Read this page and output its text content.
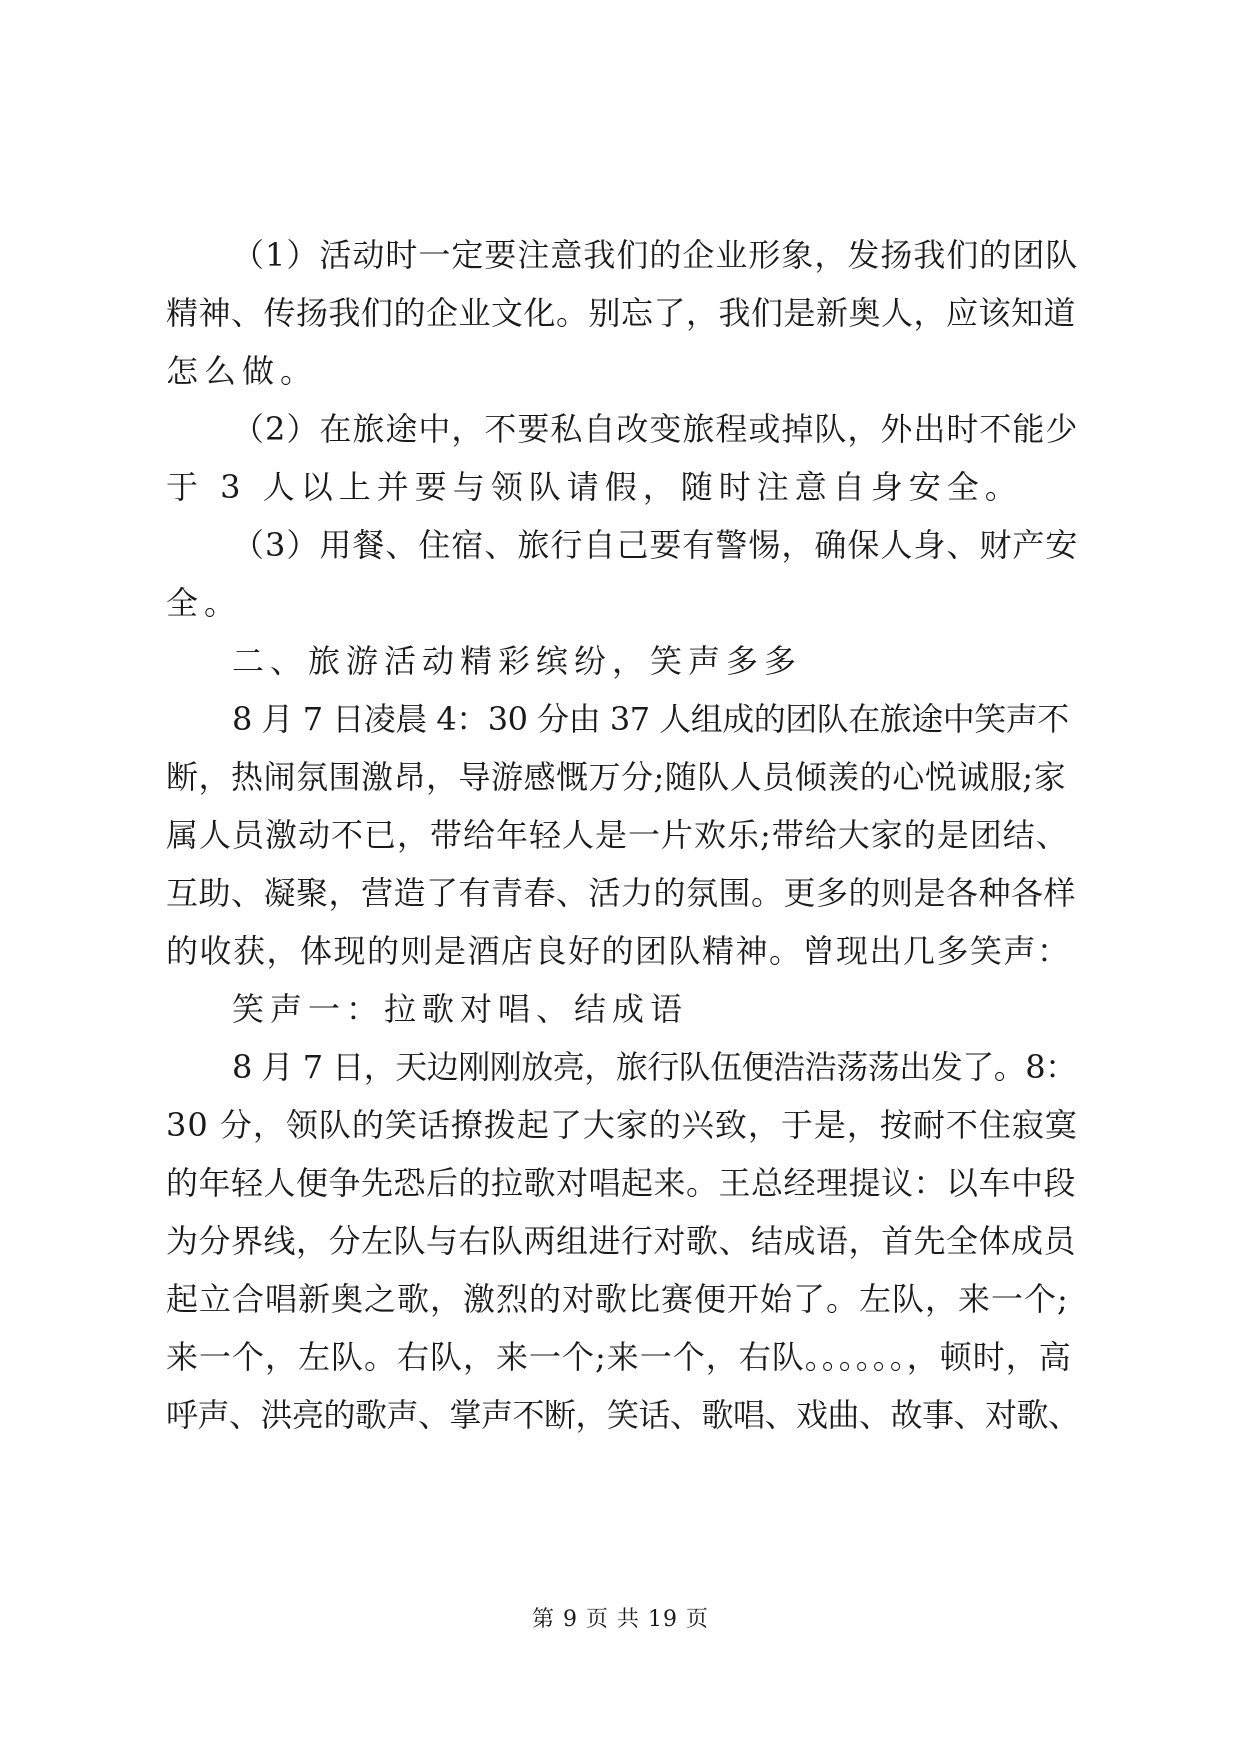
（1）活动时一定要注意我们的企业形象，发扬我们的团队
精神、传扬我们的企业文化。别忘了，我们是新奥人，应该知道
怎么做。
（2）在旅途中，不要私自改变旅程或掉队，外出时不能少
于 3 人以上并要与领队请假，随时注意自身安全。
（3）用餐、住宿、旅行自己要有警惕，确保人身、财产安
全。
二、旅游活动精彩缤纷，笑声多多
8 月 7 日凌晨 4：30 分由 37 人组成的团队在旅途中笑声不
断，热闹氛围激昂，导游感慨万分;随队人员倾羡的心悦诚服;家
属人员激动不已，带给年轻人是一片欢乐;带给大家的是团结、
互助、凝聚，营造了有青春、活力的氛围。更多的则是各种各样
的收获，体现的则是酒店良好的团队精神。曾现出几多笑声：
笑声一：拉歌对唱、结成语
8 月 7 日，天边刚刚放亮，旅行队伍便浩浩荡荡出发了。8：
30 分，领队的笑话撩拨起了大家的兴致，于是，按耐不住寂寞
的年轻人便争先恐后的拉歌对唱起来。王总经理提议：以车中段
为分界线，分左队与右队两组进行对歌、结成语，首先全体成员
起立合唱新奥之歌，激烈的对歌比赛便开始了。左队，来一个;
来一个，左队。右队，来一个;来一个，右队。。。。。。，顿时，高
呼声、洪亮的歌声、掌声不断，笑话、歌唱、戏曲、故事、对歌、
第 9 页 共 19 页
